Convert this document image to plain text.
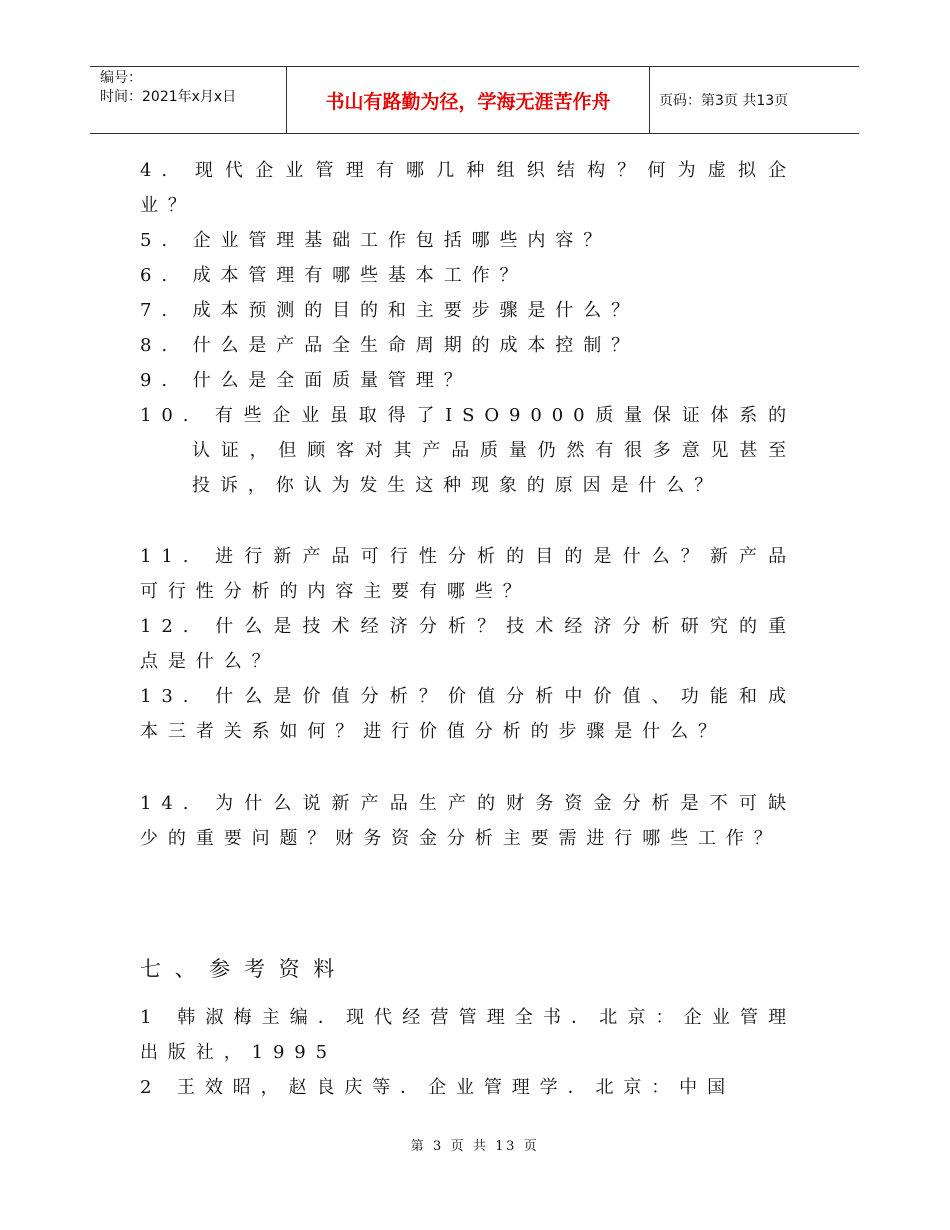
编号：
时间：2021年x月x日	书山有路勤为径，学海无涯苦作舟	页码：第3页 共13页
4. 现代企业管理有哪几种组织结构？何为虚拟企业？
5. 企业管理基础工作包括哪些内容？
6. 成本管理有哪些基本工作？
7. 成本预测的目的和主要步骤是什么？
8. 什么是产品全生命周期的成本控制？
9. 什么是全面质量管理？
10. 有些企业虽取得了ISO9000质量保证体系的认证，但顾客对其产品质量仍然有很多意见甚至投诉，你认为发生这种现象的原因是什么？
11. 进行新产品可行性分析的目的是什么？新产品可行性分析的内容主要有哪些？
12. 什么是技术经济分析？技术经济分析研究的重点是什么？
13. 什么是价值分析？价值分析中价值、功能和成本三者关系如何？进行价值分析的步骤是什么？
14. 为什么说新产品生产的财务资金分析是不可缺少的重要问题？财务资金分析主要需进行哪些工作？
七、参考资料
1 韩淑梅主编．现代经营管理全书．北京：企业管理出版社，1995
2 王效昭，赵良庆等．企业管理学．北京：中国
第 3 页 共 13 页
